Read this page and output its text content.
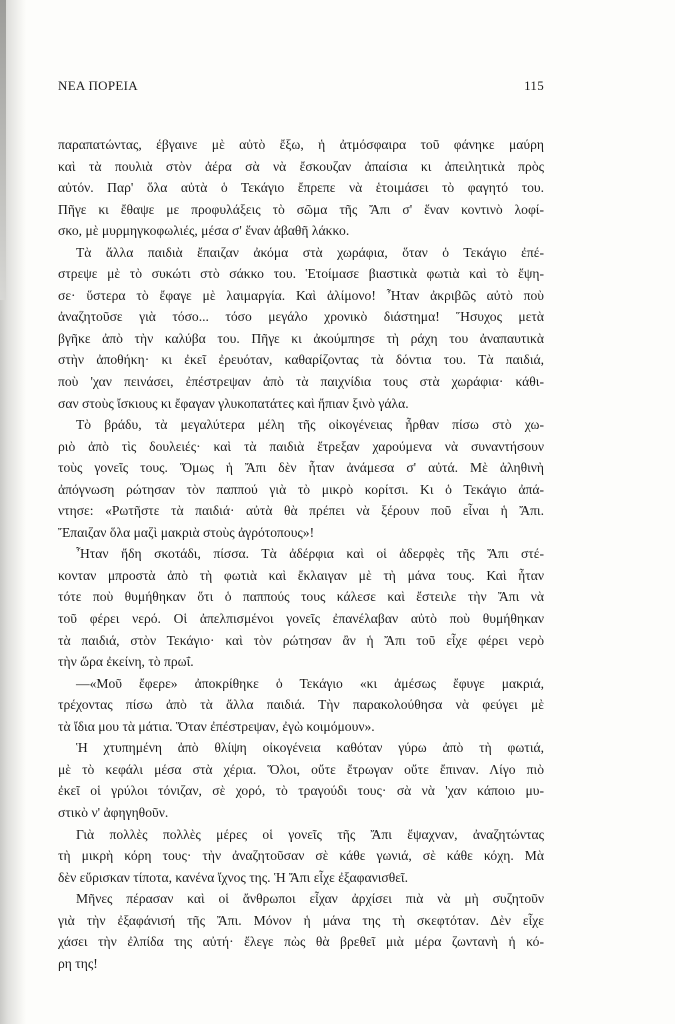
ΝΕΑ ΠΟΡΕΙΑ	115
παραπατώντας, έβγαινε μὲ αὐτὸ ἔξω, ἡ ἀτμόσφαιρα τοῦ φάνηκε μαύρη
καὶ τὰ πουλιὰ στὸν ἀέρα σὰ νὰ ἔσκουζαν ἀπαίσια κι ἀπειλητικὰ πρὸς
αὐτόν. Παρ' ὅλα αὐτὰ ὁ Τεκάγιο ἔπρεπε νὰ ἑτοιμάσει τὸ φαγητό του.
Πῆγε κι ἔθαψε με προφυλάξεις τὸ σῶμα τῆς Ἄπι σ' ἕναν κοντινὸ λοφί-
σκο, μὲ μυρμηγκοφωλιές, μέσα σ' ἕναν ἀβαθῆ λάκκο.
Τὰ ἄλλα παιδιὰ ἔπαιζαν ἀκόμα στὰ χωράφια, ὅταν ὁ Τεκάγιο ἐπέ-
στρεψε μὲ τὸ συκώτι στὸ σάκκο του. Ἑτοίμασε βιαστικὰ φωτιὰ καὶ τὸ ἔψη-
σε· ὕστερα τὸ ἔφαγε μὲ λαιμαργία. Καὶ ἀλίμονο! Ἦταν ἀκριβῶς αὐτὸ ποὺ
ἀναζητοῦσε γιὰ τόσο... τόσο μεγάλο χρονικὸ διάστημα! Ἥσυχος μετὰ
βγῆκε ἀπὸ τὴν καλύβα του. Πῆγε κι ἀκούμπησε τὴ ράχη του ἀναπαυτικὰ
στὴν ἀποθήκη· κι ἐκεῖ ἐρευόταν, καθαρίζοντας τὰ δόντια του. Τὰ παιδιά,
ποὺ 'χαν πεινάσει, ἐπέστρεψαν ἀπὸ τὰ παιχνίδια τους στὰ χωράφια· κάθι-
σαν στοὺς ἴσκιους κι ἔφαγαν γλυκοπατάτες καὶ ἤπιαν ξινὸ γάλα.
Τὸ βράδυ, τὰ μεγαλύτερα μέλη τῆς οἰκογένειας ἦρθαν πίσω στὸ χω-
ριὸ ἀπὸ τὶς δουλειές· καὶ τὰ παιδιὰ ἔτρεξαν χαρούμενα νὰ συναντήσουν
τοὺς γονεῖς τους. Ὅμως ἡ Ἄπι δὲν ἦταν ἀνάμεσα σ' αὐτά. Μὲ ἀληθινὴ
ἀπόγνωση ρώτησαν τὸν παππού γιὰ τὸ μικρὸ κορίτσι. Κι ὁ Τεκάγιο ἀπά-
ντησε: «Ρωτῆστε τὰ παιδιά· αὐτὰ θὰ πρέπει νὰ ξέρουν ποῦ εἶναι ἡ Ἄπι.
Ἔπαιζαν ὅλα μαζὶ μακριὰ στοὺς ἀγρότοπους»!
Ἦταν ἤδη σκοτάδι, πίσσα. Τὰ ἀδέρφια καὶ οἱ ἀδερφὲς τῆς Ἄπι στέ-
κονταν μπροστὰ ἀπὸ τὴ φωτιὰ καὶ ἔκλαιγαν μὲ τὴ μάνα τους. Καὶ ἦταν
τότε ποὺ θυμήθηκαν ὅτι ὁ παππούς τους κάλεσε καὶ ἔστειλε τὴν Ἄπι νὰ
τοῦ φέρει νερό. Οἱ ἀπελπισμένοι γονεῖς ἐπανέλαβαν αὐτὸ ποὺ θυμήθηκαν
τὰ παιδιά, στὸν Τεκάγιο· καὶ τὸν ρώτησαν ἂν ἡ Ἄπι τοῦ εἶχε φέρει νερὸ
τὴν ὥρα ἐκείνη, τὸ πρωΐ.
—«Μοῦ ἔφερε» ἀποκρίθηκε ὁ Τεκάγιο «κι ἀμέσως ἔφυγε μακριά,
τρέχοντας πίσω ἀπὸ τὰ ἄλλα παιδιά. Τὴν παρακολούθησα νὰ φεύγει μὲ
τὰ ἴδια μου τὰ μάτια. Ὅταν ἐπέστρεψαν, ἐγὼ κοιμόμουν».
Ἡ χτυπημένη ἀπὸ θλίψη οἰκογένεια καθόταν γύρω ἀπὸ τὴ φωτιά,
μὲ τὸ κεφάλι μέσα στὰ χέρια. Ὅλοι, οὔτε ἔτρωγαν οὔτε ἔπιναν. Λίγο πιὸ
ἐκεῖ οἱ γρύλοι τόνιζαν, σὲ χορό, τὸ τραγούδι τους· σὰ νὰ 'χαν κάποιο μυ-
στικὸ ν' ἀφηγηθοῦν.
Γιὰ πολλὲς πολλὲς μέρες οἱ γονεῖς τῆς Ἄπι ἔψαχναν, ἀναζητώντας
τὴ μικρὴ κόρη τους· τὴν ἀναζητοῦσαν σὲ κάθε γωνιά, σὲ κάθε κόχη. Μὰ
δὲν εὕρισκαν τίποτα, κανένα ἴχνος της. Ἡ Ἄπι εἶχε ἐξαφανισθεῖ.
Μῆνες πέρασαν καὶ οἱ ἄνθρωποι εἶχαν ἀρχίσει πιὰ νὰ μὴ συζητοῦν
γιὰ τὴν ἐξαφάνισή τῆς Ἄπι. Μόνον ἡ μάνα της τὴ σκεφτόταν. Δὲν εἶχε
χάσει τὴν ἐλπίδα της αὐτή· ἔλεγε πὼς θὰ βρεθεῖ μιὰ μέρα ζωντανὴ ἡ κό-
ρη της!
